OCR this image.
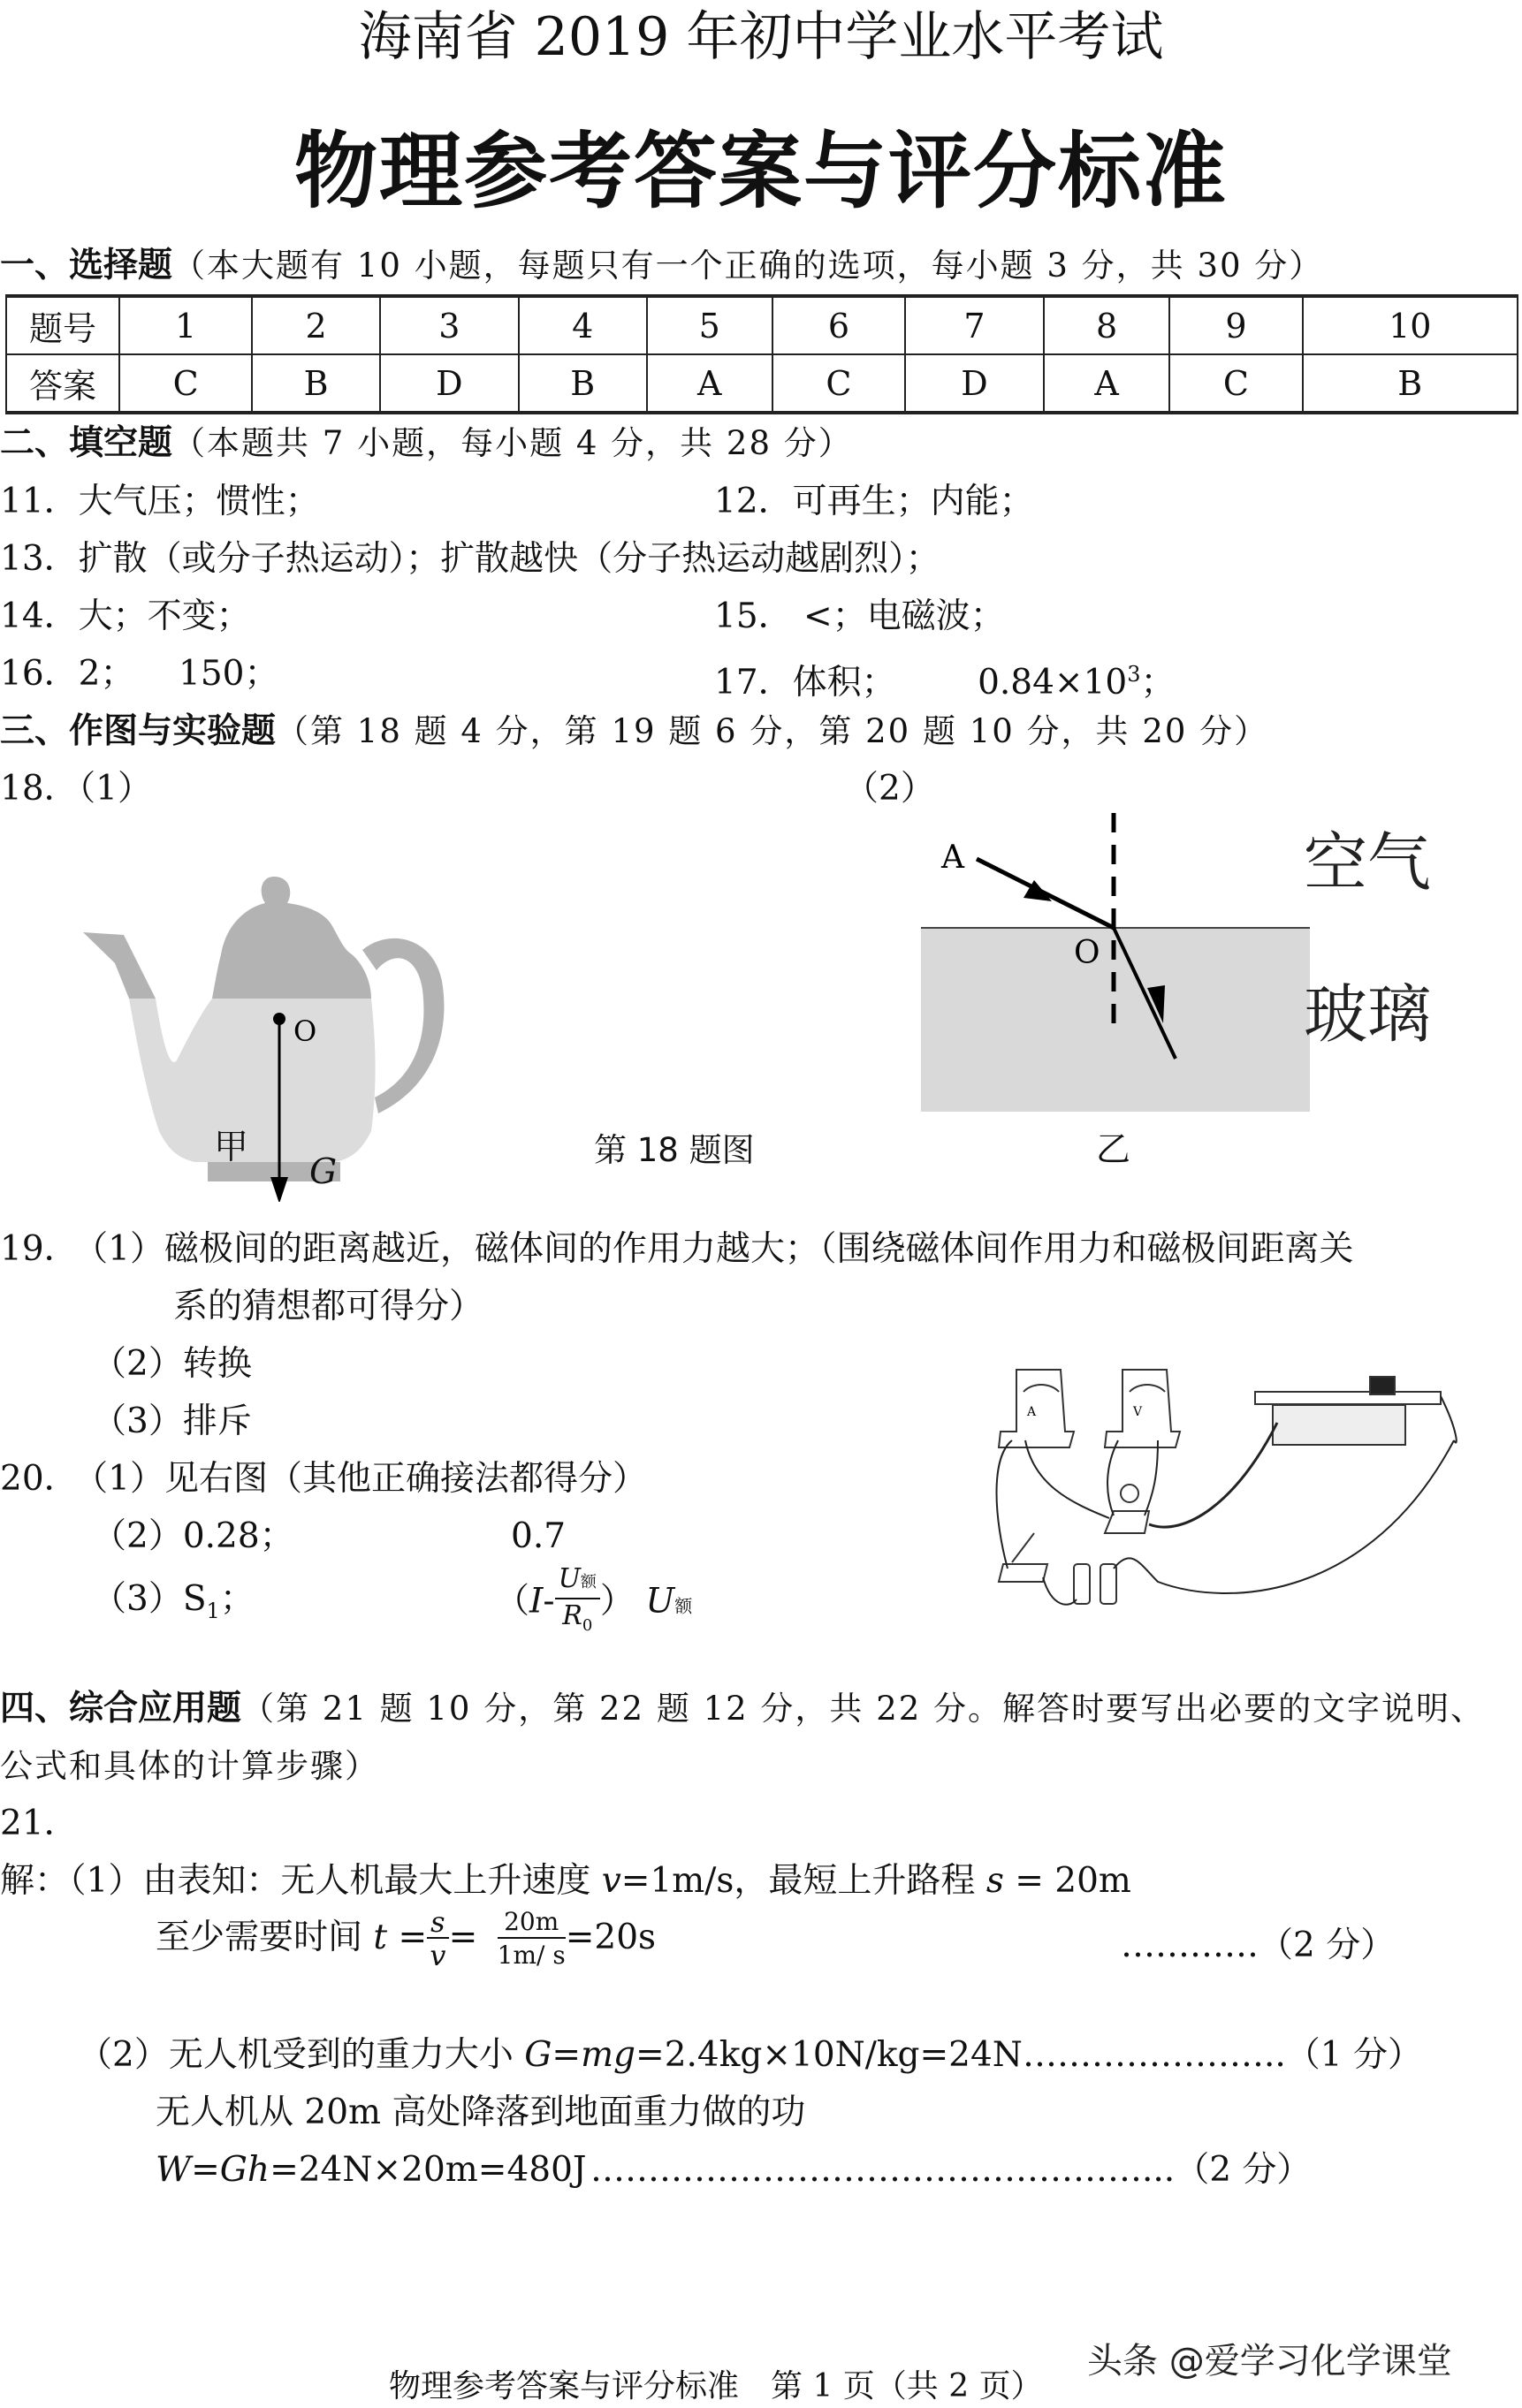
海南省 2019 年初中学业水平考试
物理参考答案与评分标准
一、选择题（本大题有 10 小题，每题只有一个正确的选项，每小题 3 分，共 30 分）
题号	1	2	3	4	5	6	7	8	9	10
答案	C	B	D	B	A	C	D	A	C	B
二、填空题（本题共 7 小题，每小题 4 分，共 28 分）
11．大气压；惯性；	12．可再生；内能；
13．扩散（或分子热运动）；扩散越快（分子热运动越剧烈）；
14．大；不变；	15． <；电磁波；
16．2；    150；	17．体积； $0.84\times 10^3$；
三、作图与实验题（第 18 题 4 分，第 19 题 6 分，第 20 题 10 分，共 20 分）
18．（1）	（2）
O
甲
G
第 18 题图
A
O
空气
玻璃
乙
19． （1）磁极间的距离越近，磁体间的作用力越大；（围绕磁体间作用力和磁极间距离关
系的猜想都可得分）
（2）转换
（3）排斥
20． （1）见右图（其他正确接法都得分）
（2）0.28；	0.7
$(3)S_1$；	（$I- \frac{\text{U额}}{R_0}$ ） U额
A	V
四、综合应用题（第 21 题 10 分，第 22 题 12 分，共 22 分。解答时要写出必要的文字说明、
公式和具体的计算步骤）
21．
解：（1）由表知：无人机最大上升速度 v=1m/s，最短上升路程 s = 20m
至少需要时间 $t = \frac{s}{v} = \frac{20m}{1m/ s} =20s$	…………（2 分）
（2）无人机受到的重力大小 G=mg=2.4kg×10N/kg=24N…………………..（1 分）
无人机从 20m 高处降落到地面重力做的功
W=Gh=24N×20m=480J …………………………………………...（2 分）
头条 @爱学习化学课堂
物理参考答案与评分标准　第 1 页（共 2 页）
